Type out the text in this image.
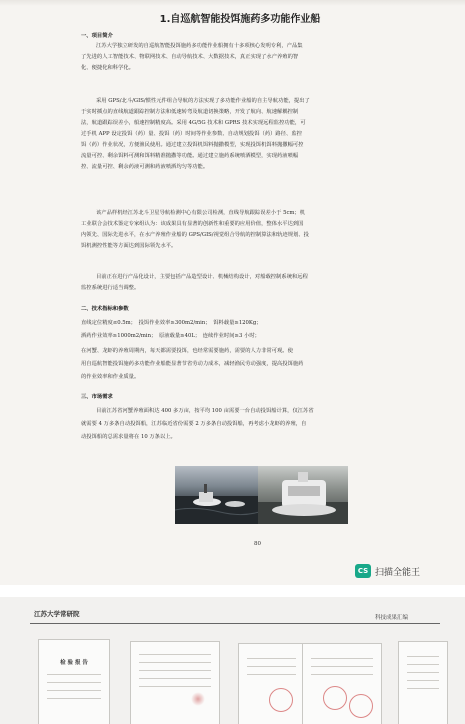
1.自巡航智能投饵施药多功能作业船
一、项目简介
江苏大学独立研发的自巡航智能投饵施药多功能作业船拥有十多项核心发明专利，产品集
了先进的人工智能技术、物联网技术、自动导航技术、大数据技术，真正实现了水产养殖的智
化、便捷化和科学化。
采用 GPS/北斗/GIS/惯性元件组合导航的方法实现了多功能作业船的自主导航功能，提出了
于实时插点的直线航道跟踪控制方法和低速转弯及航道切换策略，开发了航向、航速解耦控制
法，航道跟踪误差小，船速控制精度高。采用 4G/5G 技术和 GPRS 技术实现远程监控功能，可
过手机 APP 设定投饵（药）量、投饵（药）时间等作业参数、自动规划投饵（药）路径、监控
饵（药）作业状况，方便渔民使用。通过建立投饵机饵料抛撒模型，实现投饵机饵料抛撒幅可控
流量可控、剩余饵料可测和饵料精准抛撒等功能。通过建立施药系统喷洒模型，实现药液喷幅
控、流量可控、剩余药液可测和药液喷洒均匀等功能。
该产品样机经江苏北斗卫星导航检测中心有限公司检测，直线导航跟踪误差小于 5cm；机
工业联合会技术鉴定专家组认为：该成果具有显著的创新性和重要的应用价值，整体水平达到国
内领先、国际先进水平，在水产养殖作业船的 GPS/GIS/视觉组合导航的控制算法和轨迹规划、投
饵机测控性能等方面达到国际领先水平。
目前正在进行产品化设计，主要包括产品造型设计、机械结构设计，对船载控制系统和远程
监控系统进行适当调整。
二、技术指标和参数
直线定位精度≤0.5m；　投饵作业效率≥300m2/min；　饵料载量≥120Kg；
洒药作业效率≥1000m2/min；　原液载量≥40L；　连续作业时间≥3 小时；
在河蟹、龙虾的养殖周期内，每天都需要投饵，也经常需要施药，需要的人力非常可观。使
用自巡航智能投饵施药多功能作业船能显著节省劳动力成本，减轻渔民劳动强度，提高投饵施药
的作业效率和作业质量。
三、市场需求
目前江苏省河蟹养殖面积达 400 多万亩，按平均 100 亩需要一台自动投饵船计算，仅江苏省
就需要 4 万多条自动投饵船，江苏临近省份需要 2 万多条自动投饵船，再考虑小龙虾的养殖，自
动投饵船的总需求量将在 10 万条以上。
80
CS 扫描全能王
江苏大学常研院	科技成果汇编
检 验 报 告
